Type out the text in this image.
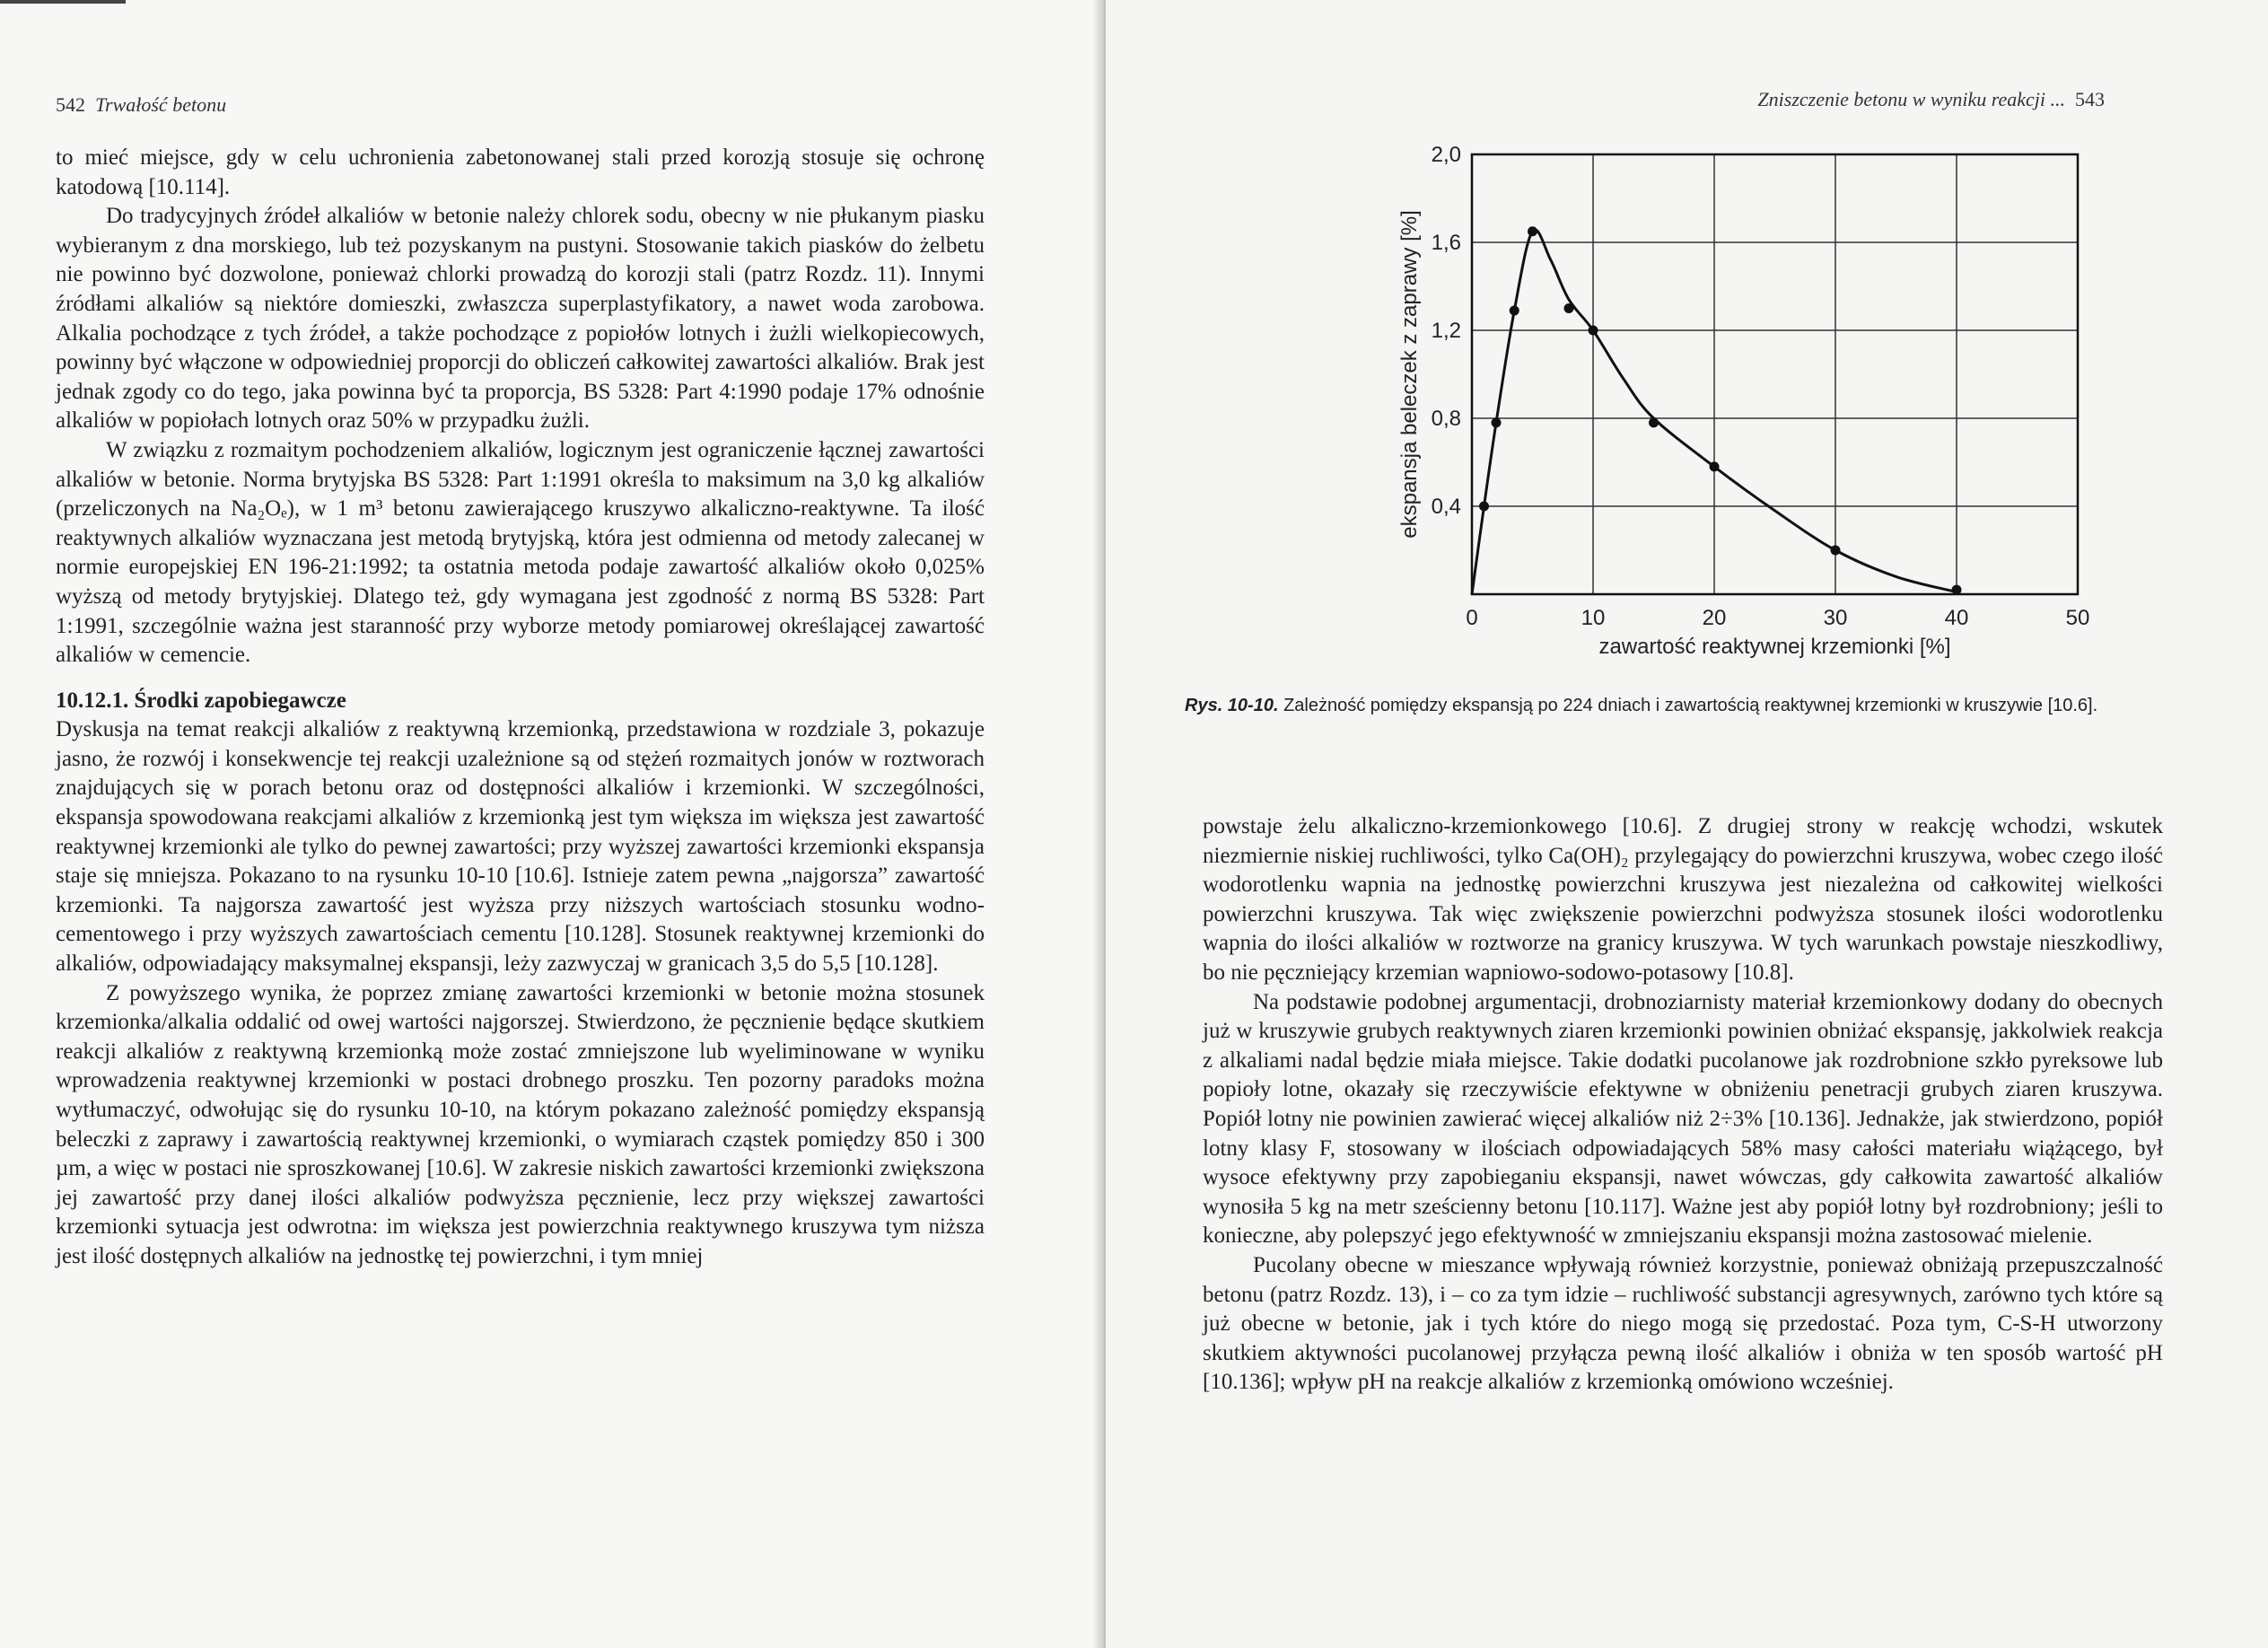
542 Trwałość betonu

to mieć miejsce, gdy w celu uchronienia zabetonowanej stali przed korozją stosuje się ochronę katodową [10.114].

Do tradycyjnych źródeł alkaliów w betonie należy chlorek sodu, obecny w nie płukanym piasku wybieranym z dna morskiego, lub też pozyskanym na pustyni. Stosowanie takich piasków do żelbetu nie powinno być dozwolone, ponieważ chlorki prowadzą do korozji stali (patrz Rozdz. 11). Innymi źródłami alkaliów są niektóre domieszki, zwłaszcza superplastyfikatory, a nawet woda zarobowa. Alkalia pochodzące z tych źródeł, a także pochodzące z popiołów lotnych i żużli wielkopiecowych, powinny być włączone w odpowiedniej proporcji do obliczeń całkowitej zawartości alkaliów. Brak jest jednak zgody co do tego, jaka powinna być ta proporcja, BS 5328: Part 4:1990 podaje 17% odnośnie alkaliów w popiołach lotnych oraz 50% w przypadku żużli.

W związku z rozmaitym pochodzeniem alkaliów, logicznym jest ograniczenie łącznej zawartości alkaliów w betonie. Norma brytyjska BS 5328: Part 1:1991 określa to maksimum na 3,0 kg alkaliów (przeliczonych na Na₂Oₑ), w 1 m³ betonu zawierającego kruszywo alkaliczno-reaktywne. Ta ilość reaktywnych alkaliów wyznaczana jest metodą brytyjską, która jest odmienna od metody zalecanej w normie europejskiej EN 196-21:1992; ta ostatnia metoda podaje zawartość alkaliów około 0,025% wyższą od metody brytyjskiej. Dlatego też, gdy wymagana jest zgodność z normą BS 5328: Part 1:1991, szczególnie ważna jest staranność przy wyborze metody pomiarowej określającej zawartość alkaliów w cemencie.

10.12.1. Środki zapobiegawcze

Dyskusja na temat reakcji alkaliów z reaktywną krzemionką, przedstawiona w rozdziale 3, pokazuje jasno, że rozwój i konsekwencje tej reakcji uzależnione są od stężeń rozmaitych jonów w roztworach znajdujących się w porach betonu oraz od dostępności alkaliów i krzemionki. W szczególności, ekspansja spowodowana reakcjami alkaliów z krzemionką jest tym większa im większa jest zawartość reaktywnej krzemionki ale tylko do pewnej zawartości; przy wyższej zawartości krzemionki ekspansja staje się mniejsza. Pokazano to na rysunku 10-10 [10.6]. Istnieje zatem pewna „najgorsza” zawartość krzemionki. Ta najgorsza zawartość jest wyższa przy niższych wartościach stosunku wodno-cementowego i przy wyższych zawartościach cementu [10.128]. Stosunek reaktywnej krzemionki do alkaliów, odpowiadający maksymalnej ekspansji, leży zazwyczaj w granicach 3,5 do 5,5 [10.128].

Z powyższego wynika, że poprzez zmianę zawartości krzemionki w betonie można stosunek krzemionka/alkalia oddalić od owej wartości najgorszej. Stwierdzono, że pęcznienie będące skutkiem reakcji alkaliów z reaktywną krzemionką może zostać zmniejszone lub wyeliminowane w wyniku wprowadzenia reaktywnej krzemionki w postaci drobnego proszku. Ten pozorny paradoks można wytłumaczyć, odwołując się do rysunku 10-10, na którym pokazano zależność pomiędzy ekspansją beleczki z zaprawy i zawartością reaktywnej krzemionki, o wymiarach cząstek pomiędzy 850 i 300 µm, a więc w postaci nie sproszkowanej [10.6]. W zakresie niskich zawartości krzemionki zwiększona jej zawartość przy danej ilości alkaliów podwyższa pęcznienie, lecz przy większej zawartości krzemionki sytuacja jest odwrotna: im większa jest powierzchnia reaktywnego kruszywa tym niższa jest ilość dostępnych alkaliów na jednostkę tej powierzchni, i tym mniej

Zniszczenie betonu w wyniku reakcji ... 543
0,4
0,8
1,2
1,6
2,0
0	10	20	30	40	50
ekspansja beleczek z zaprawy [%]
zawartość reaktywnej krzemionki [%]
Rys. 10-10. Zależność pomiędzy ekspansją po 224 dniach i zawartością reaktywnej krzemionki w kruszywie [10.6].

powstaje żelu alkaliczno-krzemionkowego [10.6]. Z drugiej strony w reakcję wchodzi, wskutek niezmiernie niskiej ruchliwości, tylko Ca(OH)₂ przylegający do powierzchni kruszywa, wobec czego ilość wodorotlenku wapnia na jednostkę powierzchni kruszywa jest niezależna od całkowitej wielkości powierzchni kruszywa. Tak więc zwiększenie powierzchni podwyższa stosunek ilości wodorotlenku wapnia do ilości alkaliów w roztworze na granicy kruszywa. W tych warunkach powstaje nieszkodliwy, bo nie pęczniejący krzemian wapniowo-sodowo-potasowy [10.8].

Na podstawie podobnej argumentacji, drobnoziarnisty materiał krzemionkowy dodany do obecnych już w kruszywie grubych reaktywnych ziaren krzemionki powinien obniżać ekspansję, jakkolwiek reakcja z alkaliami nadal będzie miała miejsce. Takie dodatki pucolanowe jak rozdrobnione szkło pyreksowe lub popioły lotne, okazały się rzeczywiście efektywne w obniżeniu penetracji grubych ziaren kruszywa. Popiół lotny nie powinien zawierać więcej alkaliów niż 2÷3% [10.136]. Jednakże, jak stwierdzono, popiół lotny klasy F, stosowany w ilościach odpowiadających 58% masy całości materiału wiążącego, był wysoce efektywny przy zapobieganiu ekspansji, nawet wówczas, gdy całkowita zawartość alkaliów wynosiła 5 kg na metr sześcienny betonu [10.117]. Ważne jest aby popiół lotny był rozdrobniony; jeśli to konieczne, aby polepszyć jego efektywność w zmniejszaniu ekspansji można zastosować mielenie.

Pucolany obecne w mieszance wpływają również korzystnie, ponieważ obniżają przepuszczalność betonu (patrz Rozdz. 13), i – co za tym idzie – ruchliwość substancji agresywnych, zarówno tych które są już obecne w betonie, jak i tych które do niego mogą się przedostać. Poza tym, C-S-H utworzony skutkiem aktywności pucolanowej przyłącza pewną ilość alkaliów i obniża w ten sposób wartość pH [10.136]; wpływ pH na reakcje alkaliów z krzemionką omówiono wcześniej.
